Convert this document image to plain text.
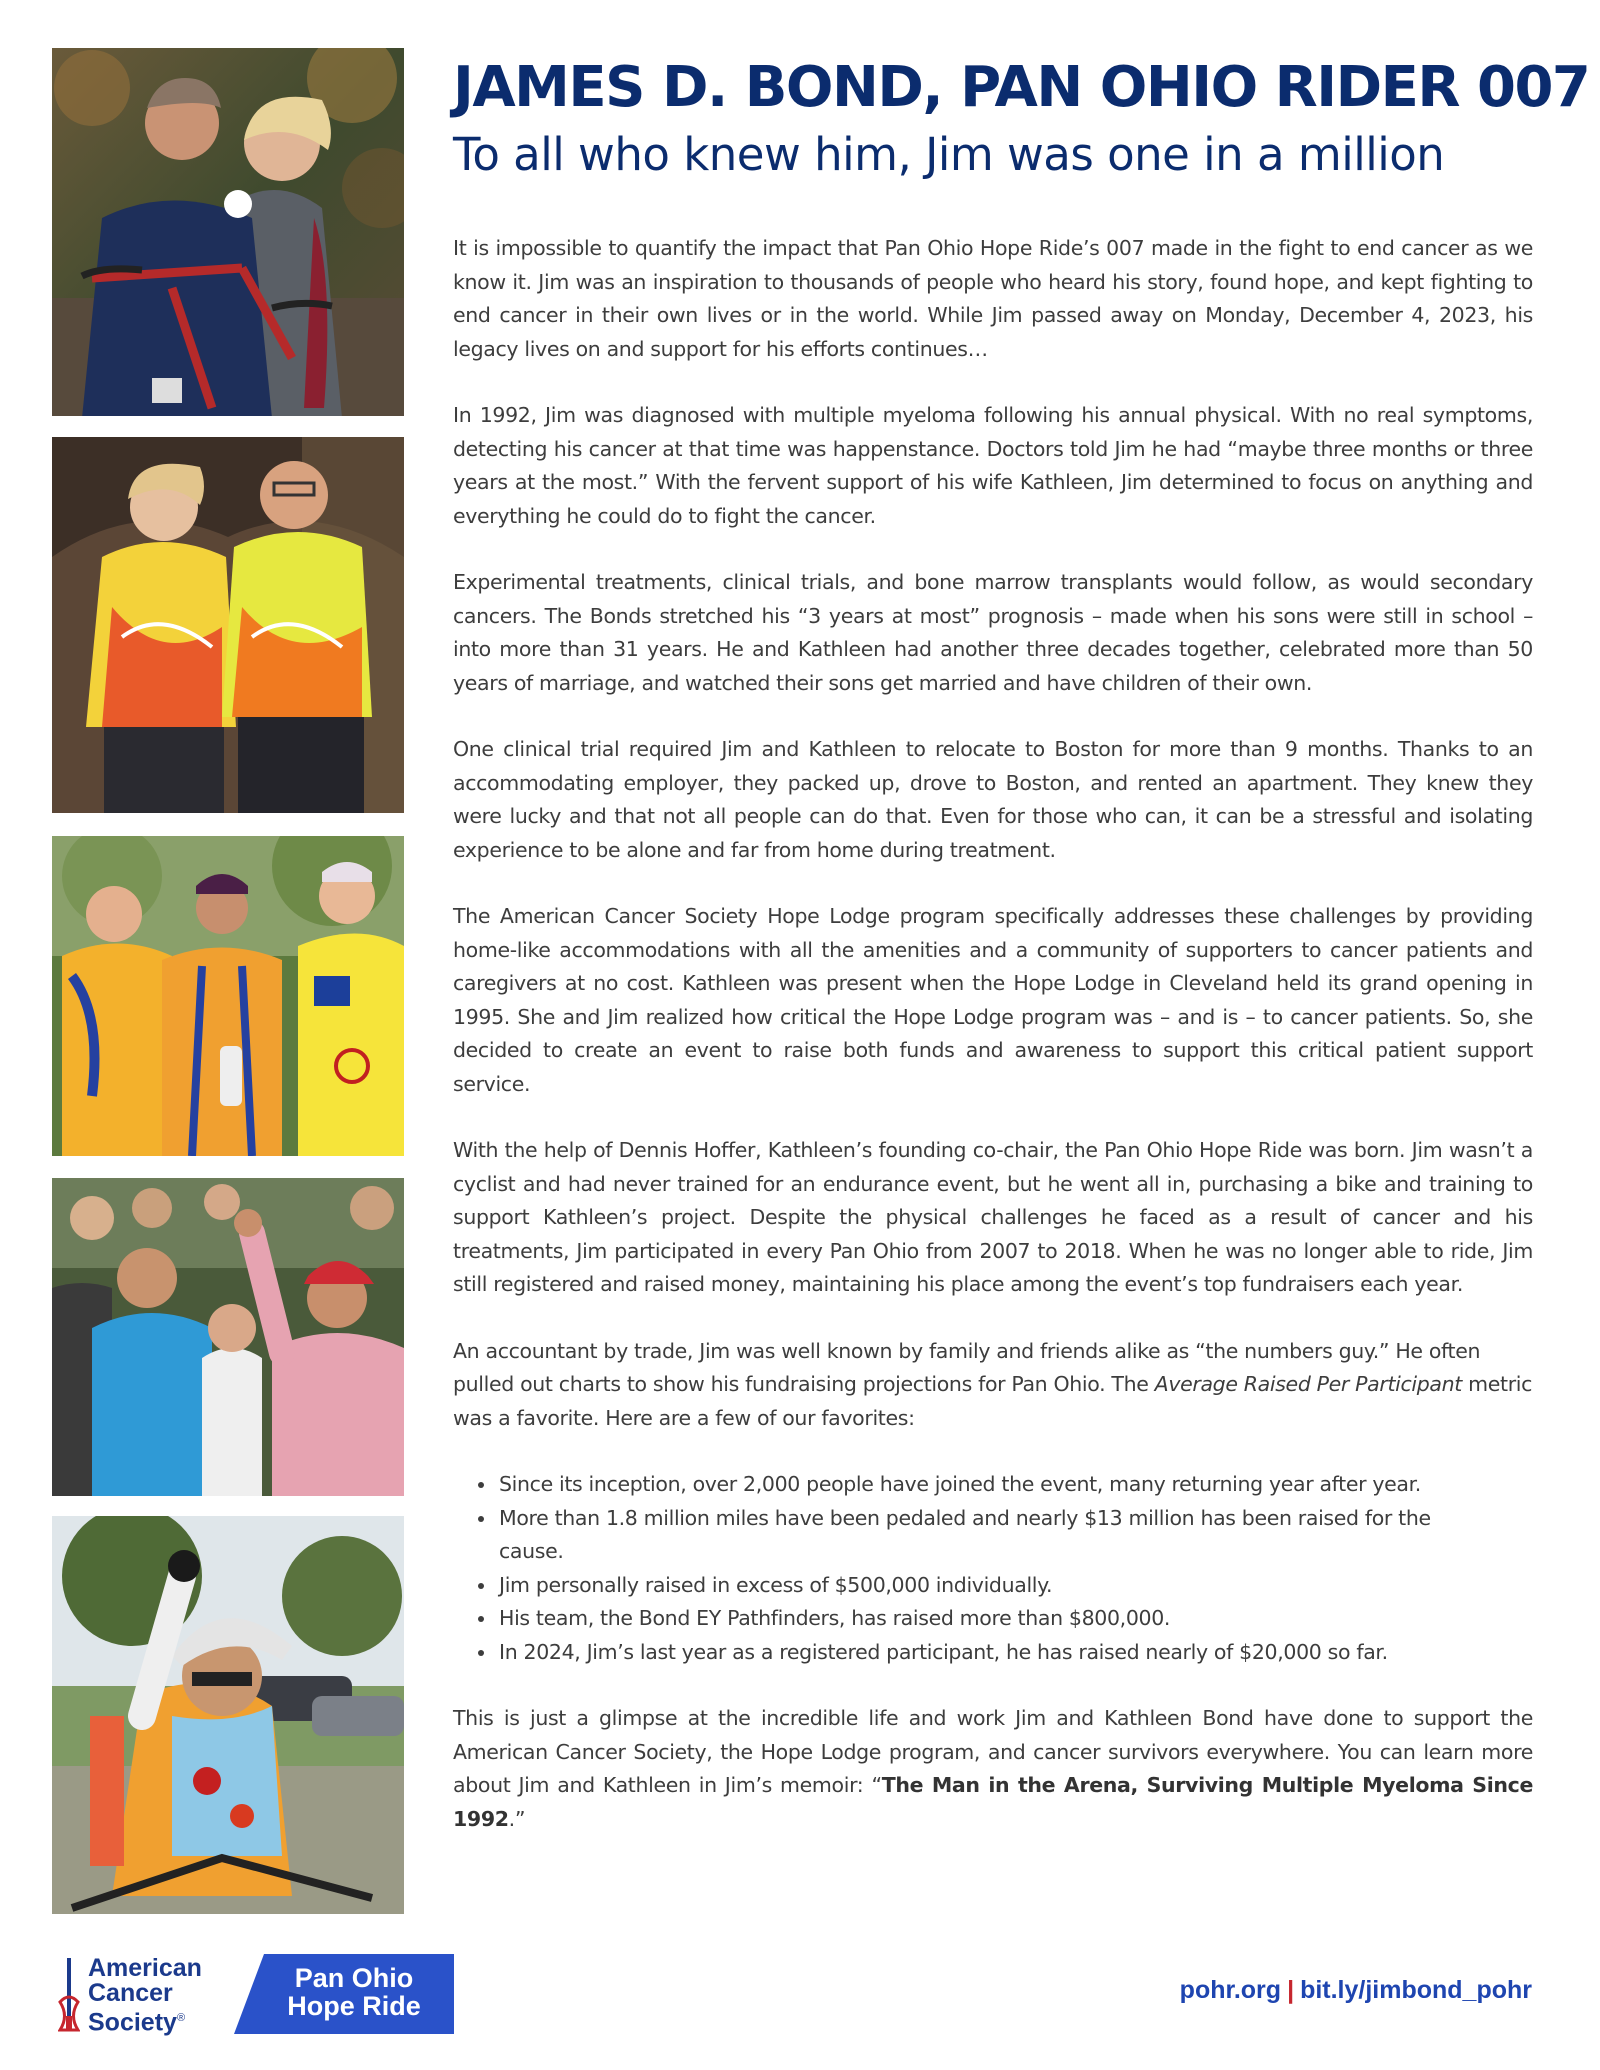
JAMES D. BOND, PAN OHIO RIDER 007
To all who knew him, Jim was one in a million

It is impossible to quantify the impact that Pan Ohio Hope Ride’s 007 made in the fight to end cancer as we know it. Jim was an inspiration to thousands of people who heard his story, found hope, and kept fighting to end cancer in their own lives or in the world. While Jim passed away on Monday, December 4, 2023, his legacy lives on and support for his efforts continues…

In 1992, Jim was diagnosed with multiple myeloma following his annual physical. With no real symptoms, detecting his cancer at that time was happenstance. Doctors told Jim he had “maybe three months or three years at the most.” With the fervent support of his wife Kathleen, Jim determined to focus on anything and everything he could do to fight the cancer.

Experimental treatments, clinical trials, and bone marrow transplants would follow, as would secondary cancers. The Bonds stretched his “3 years at most” prognosis – made when his sons were still in school – into more than 31 years. He and Kathleen had another three decades together, celebrated more than 50 years of marriage, and watched their sons get married and have children of their own.

One clinical trial required Jim and Kathleen to relocate to Boston for more than 9 months. Thanks to an accommodating employer, they packed up, drove to Boston, and rented an apartment. They knew they were lucky and that not all people can do that. Even for those who can, it can be a stressful and isolating experience to be alone and far from home during treatment.

The American Cancer Society Hope Lodge program specifically addresses these challenges by providing home-like accommodations with all the amenities and a community of supporters to cancer patients and caregivers at no cost. Kathleen was present when the Hope Lodge in Cleveland held its grand opening in 1995. She and Jim realized how critical the Hope Lodge program was – and is – to cancer patients. So, she decided to create an event to raise both funds and awareness to support this critical patient support service.

With the help of Dennis Hoffer, Kathleen’s founding co-chair, the Pan Ohio Hope Ride was born. Jim wasn’t a cyclist and had never trained for an endurance event, but he went all in, purchasing a bike and training to support Kathleen’s project. Despite the physical challenges he faced as a result of cancer and his treatments, Jim participated in every Pan Ohio from 2007 to 2018. When he was no longer able to ride, Jim still registered and raised money, maintaining his place among the event’s top fundraisers each year.

An accountant by trade, Jim was well known by family and friends alike as “the numbers guy.” He often pulled out charts to show his fundraising projections for Pan Ohio. The Average Raised Per Participant metric was a favorite. Here are a few of our favorites:

• Since its inception, over 2,000 people have joined the event, many returning year after year.
• More than 1.8 million miles have been pedaled and nearly $13 million has been raised for the cause.
• Jim personally raised in excess of $500,000 individually.
• His team, the Bond EY Pathfinders, has raised more than $800,000.
• In 2024, Jim’s last year as a registered participant, he has raised nearly of $20,000 so far.

This is just a glimpse at the incredible life and work Jim and Kathleen Bond have done to support the American Cancer Society, the Hope Lodge program, and cancer survivors everywhere. You can learn more about Jim and Kathleen in Jim’s memoir: “The Man in the Arena, Surviving Multiple Myeloma Since 1992.”

American
Cancer
Society®
Pan Ohio
Hope Ride
pohr.org | bit.ly/jimbond_pohr
